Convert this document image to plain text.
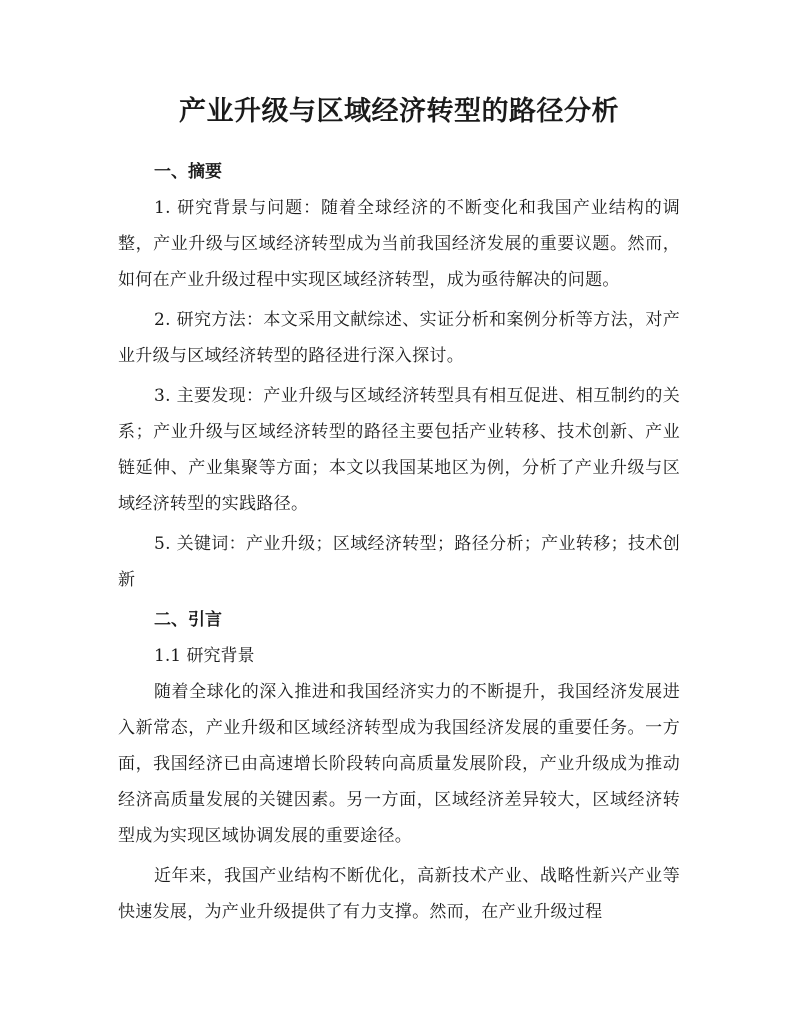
产业升级与区域经济转型的路径分析
一、摘要

1. 研究背景与问题：随着全球经济的不断变化和我国产业结构的调整，产业升级与区域经济转型成为当前我国经济发展的重要议题。然而，如何在产业升级过程中实现区域经济转型，成为亟待解决的问题。

2. 研究方法：本文采用文献综述、实证分析和案例分析等方法，对产业升级与区域经济转型的路径进行深入探讨。

3. 主要发现：产业升级与区域经济转型具有相互促进、相互制约的关系；产业升级与区域经济转型的路径主要包括产业转移、技术创新、产业链延伸、产业集聚等方面；本文以我国某地区为例，分析了产业升级与区域经济转型的实践路径。

5. 关键词：产业升级；区域经济转型；路径分析；产业转移；技术创新

二、引言

1.1 研究背景

随着全球化的深入推进和我国经济实力的不断提升，我国经济发展进入新常态，产业升级和区域经济转型成为我国经济发展的重要任务。一方面，我国经济已由高速增长阶段转向高质量发展阶段，产业升级成为推动经济高质量发展的关键因素。另一方面，区域经济差异较大，区域经济转型成为实现区域协调发展的重要途径。

近年来，我国产业结构不断优化，高新技术产业、战略性新兴产业等快速发展，为产业升级提供了有力支撑。然而，在产业升级过程
